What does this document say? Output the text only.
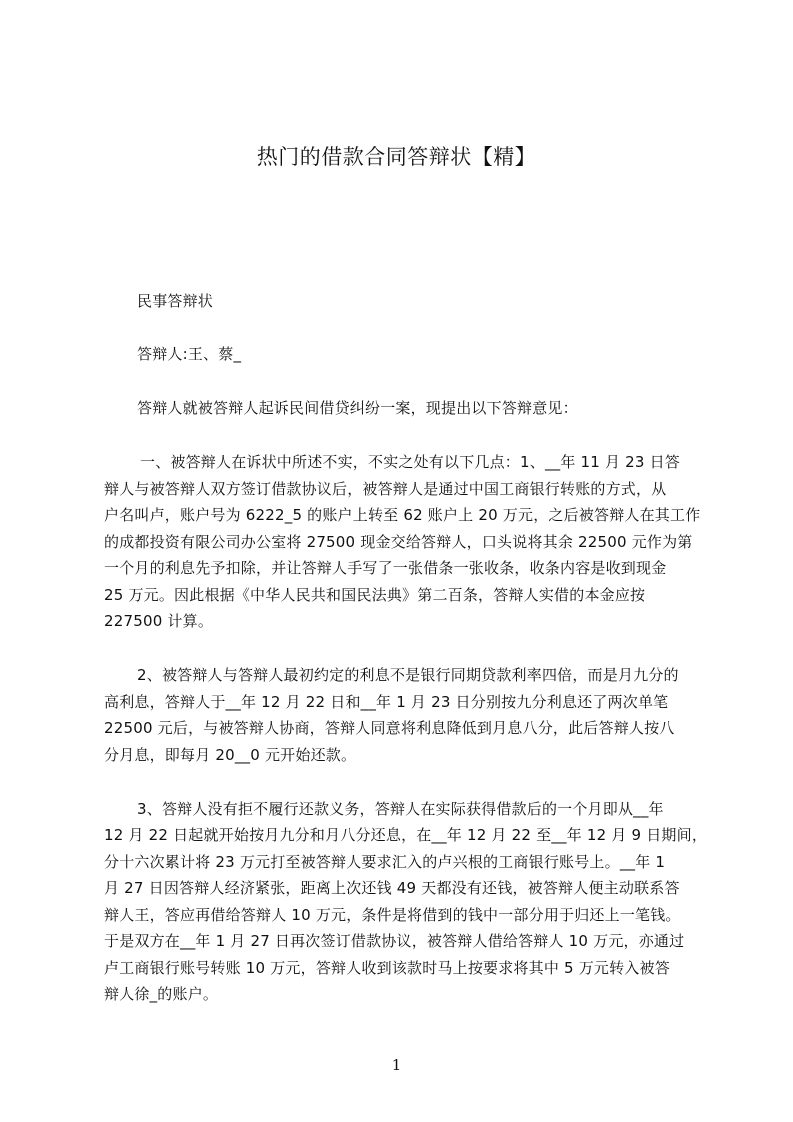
热门的借款合同答辩状【精】
民事答辩状
答辩人:王、蔡_
答辩人就被答辩人起诉民间借贷纠纷一案，现提出以下答辩意见：
一、被答辩人在诉状中所述不实，不实之处有以下几点：1、__年 11 月 23 日答
辩人与被答辩人双方签订借款协议后，被答辩人是通过中国工商银行转账的方式，从
户名叫卢，账户号为 6222_5 的账户上转至 62 账户上 20 万元，之后被答辩人在其工作
的成都投资有限公司办公室将 27500 现金交给答辩人，口头说将其余 22500 元作为第
一个月的利息先予扣除，并让答辩人手写了一张借条一张收条，收条内容是收到现金
25 万元。因此根据《中华人民共和国民法典》第二百条，答辩人实借的本金应按
227500 计算。
2、被答辩人与答辩人最初约定的利息不是银行同期贷款利率四倍，而是月九分的
高利息，答辩人于__年 12 月 22 日和__年 1 月 23 日分别按九分利息还了两次单笔
22500 元后，与被答辩人协商，答辩人同意将利息降低到月息八分，此后答辩人按八
分月息，即每月 20__0 元开始还款。
3、答辩人没有拒不履行还款义务，答辩人在实际获得借款后的一个月即从__年
12 月 22 日起就开始按月九分和月八分还息，在__年 12 月 22 至__年 12 月 9 日期间，
分十六次累计将 23 万元打至被答辩人要求汇入的卢兴根的工商银行账号上。__年 1
月 27 日因答辩人经济紧张，距离上次还钱 49 天都没有还钱，被答辩人便主动联系答
辩人王，答应再借给答辩人 10 万元，条件是将借到的钱中一部分用于归还上一笔钱。
于是双方在__年 1 月 27 日再次签订借款协议，被答辩人借给答辩人 10 万元，亦通过
卢工商银行账号转账 10 万元，答辩人收到该款时马上按要求将其中 5 万元转入被答
辩人徐_的账户。
1
